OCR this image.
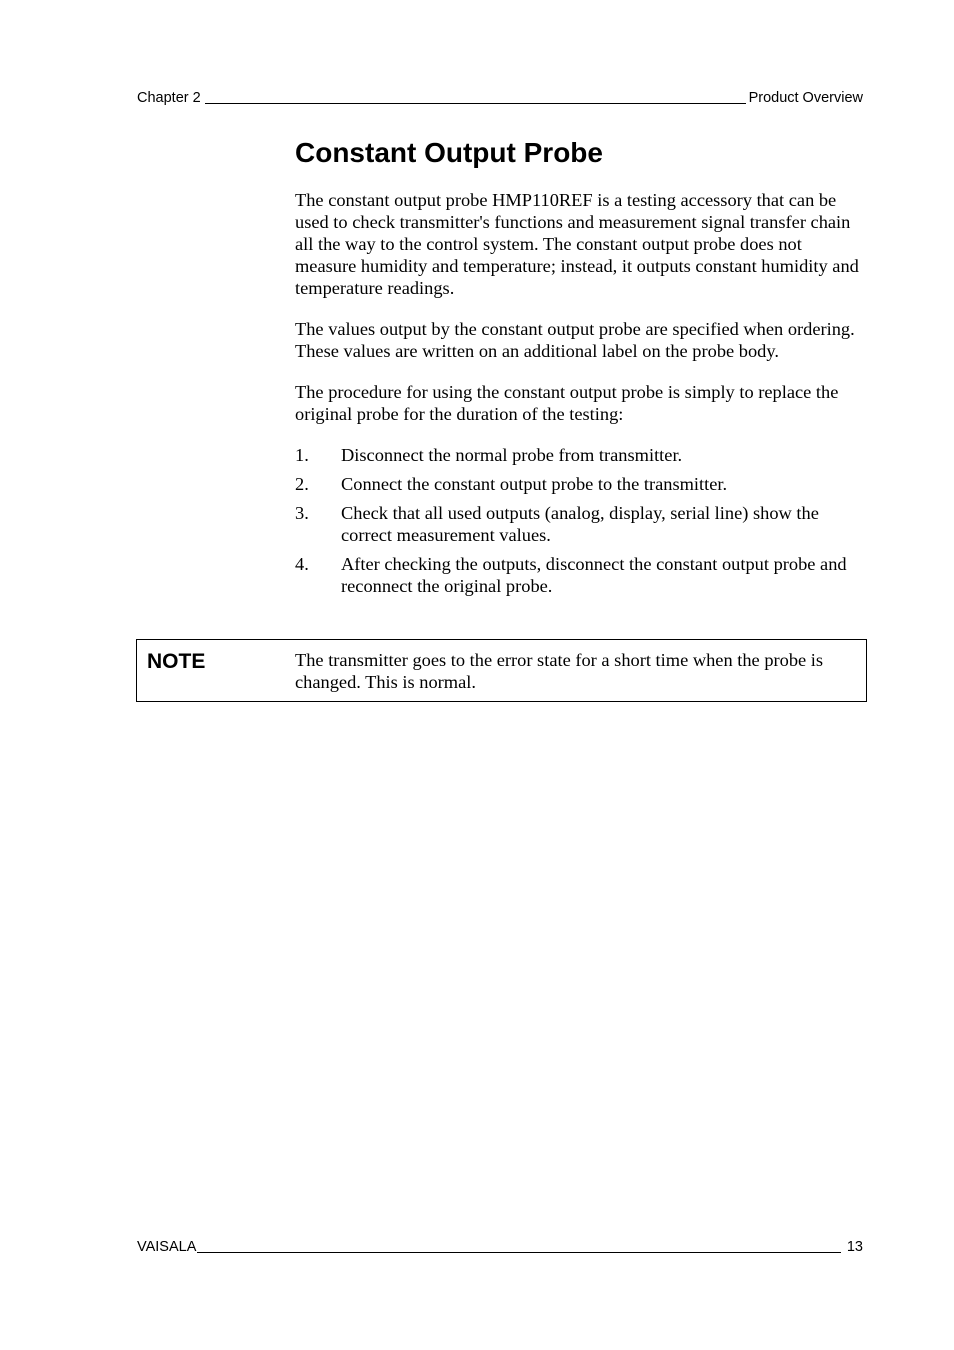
Chapter 2	Product Overview
Constant Output Probe

The constant output probe HMP110REF is a testing accessory that can be used to check transmitter's functions and measurement signal transfer chain all the way to the control system. The constant output probe does not measure humidity and temperature; instead, it outputs constant humidity and temperature readings.

The values output by the constant output probe are specified when ordering. These values are written on an additional label on the probe body.

The procedure for using the constant output probe is simply to replace the original probe for the duration of the testing:

1.	Disconnect the normal probe from transmitter.
2.	Connect the constant output probe to the transmitter.
3.	Check that all used outputs (analog, display, serial line) show the correct measurement values.
4.	After checking the outputs, disconnect the constant output probe and reconnect the original probe.
NOTE	The transmitter goes to the error state for a short time when the probe is changed. This is normal.
VAISALA	13
